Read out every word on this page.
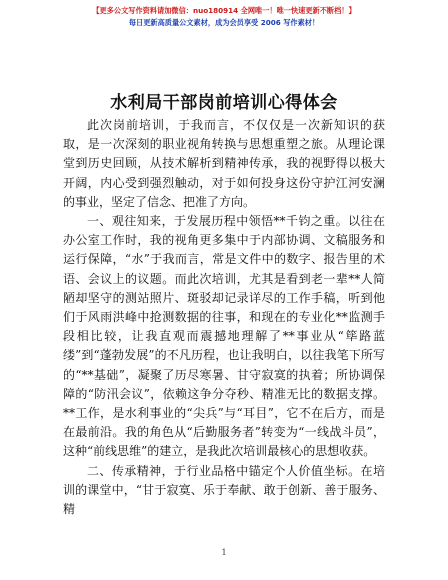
【更多公文写作资料请加微信：nuo180914 全网唯一！唯一快速更新不断档！】
每日更新高质量公文素材，成为会员享受 2006 写作素材！
水利局干部岗前培训心得体会

此次岗前培训，于我而言，不仅仅是一次新知识的获取，是一次深刻的职业视角转换与思想重塑之旅。从理论课堂到历史回顾，从技术解析到精神传承，我的视野得以极大开阔，内心受到强烈触动，对于如何投身这份守护江河安澜的事业，坚定了信念、把准了方向。

一、观往知来，于发展历程中领悟**千钧之重。以往在办公室工作时，我的视角更多集中于内部协调、文稿服务和运行保障，“水”于我而言，常是文件中的数字、报告里的术语、会议上的议题。而此次培训，尤其是看到老一辈**人简陋却坚守的测站照片、斑驳却记录详尽的工作手稿，听到他们于风雨洪峰中抢测数据的往事，和现在的专业化**监测手段相比较，让我直观而震撼地理解了**事业从“筚路蓝缕”到“蓬勃发展”的不凡历程，也让我明白，以往我笔下所写的“**基础”，凝聚了历尽寒暑、甘守寂寞的执着；所协调保障的“防汛会议”，依赖这争分夺秒、精准无比的数据支撑。**工作，是水利事业的“尖兵”与“耳目”，它不在后方，而是在最前沿。我的角色从“后勤服务者”转变为“一线战斗员”，这种“前线思维”的建立，是我此次培训最核心的思想收获。

二、传承精神，于行业品格中锚定个人价值坐标。在培训的课堂中，“甘于寂寞、乐于奉献、敢于创新、善于服务、精

1
